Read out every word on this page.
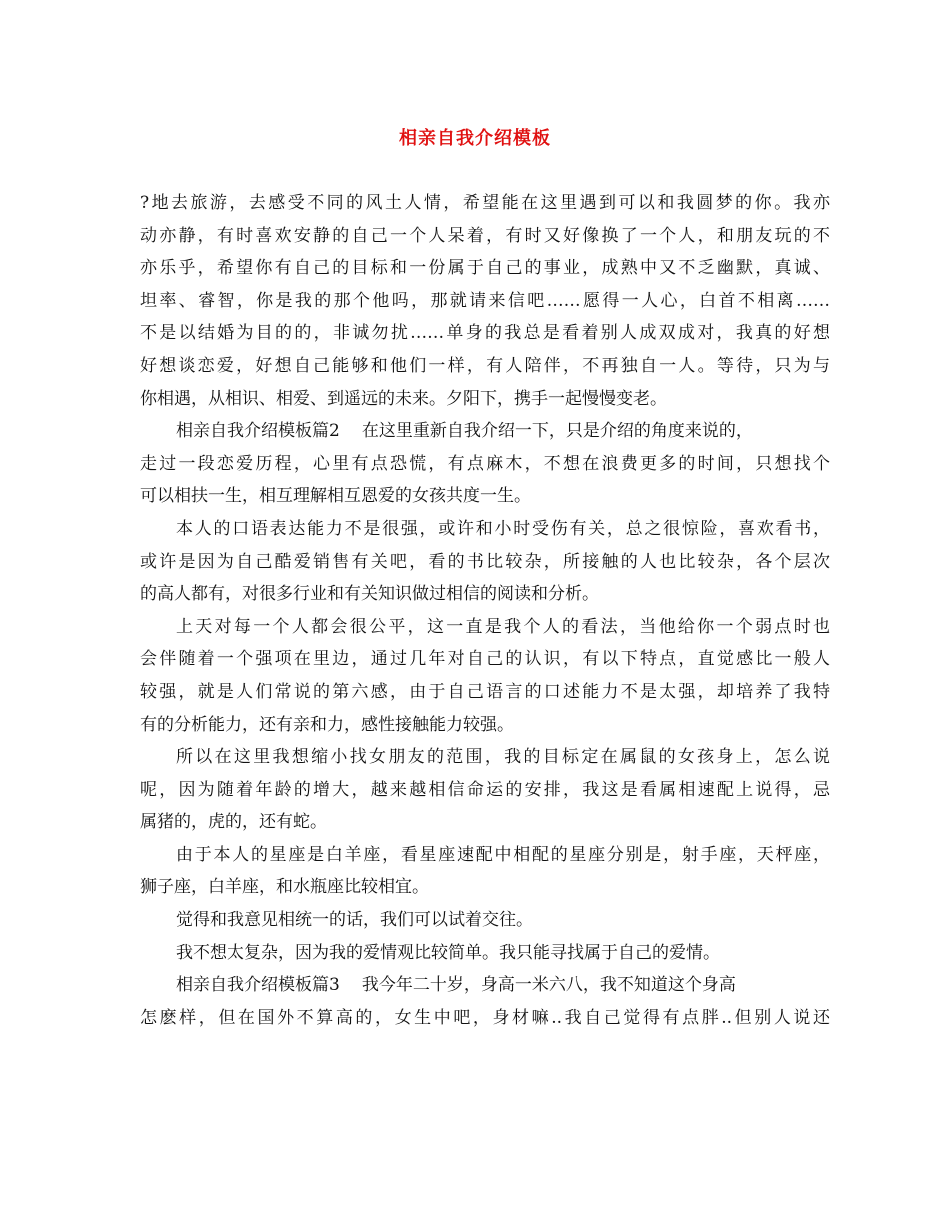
相亲自我介绍模板
?地去旅游，去感受不同的风土人情，希望能在这里遇到可以和我圆梦的你。我亦
动亦静，有时喜欢安静的自己一个人呆着，有时又好像换了一个人，和朋友玩的不
亦乐乎，希望你有自己的目标和一份属于自己的事业，成熟中又不乏幽默，真诚、
坦率、睿智，你是我的那个他吗，那就请来信吧……愿得一人心，白首不相离……
不是以结婚为目的的，非诚勿扰……单身的我总是看着别人成双成对，我真的好想
好想谈恋爱，好想自己能够和他们一样，有人陪伴，不再独自一人。等待，只为与
你相遇，从相识、相爱、到遥远的未来。夕阳下，携手一起慢慢变老。
相亲自我介绍模板篇2 在这里重新自我介绍一下，只是介绍的角度来说的，
走过一段恋爱历程，心里有点恐慌，有点麻木，不想在浪费更多的时间，只想找个
可以相扶一生，相互理解相互恩爱的女孩共度一生。
本人的口语表达能力不是很强，或许和小时受伤有关，总之很惊险，喜欢看书，
或许是因为自己酷爱销售有关吧，看的书比较杂，所接触的人也比较杂，各个层次
的高人都有，对很多行业和有关知识做过相信的阅读和分析。
上天对每一个人都会很公平，这一直是我个人的看法，当他给你一个弱点时也
会伴随着一个强项在里边，通过几年对自己的认识，有以下特点，直觉感比一般人
较强，就是人们常说的第六感，由于自己语言的口述能力不是太强，却培养了我特
有的分析能力，还有亲和力，感性接触能力较强。
所以在这里我想缩小找女朋友的范围，我的目标定在属鼠的女孩身上，怎么说
呢，因为随着年龄的增大，越来越相信命运的安排，我这是看属相速配上说得，忌
属猪的，虎的，还有蛇。
由于本人的星座是白羊座，看星座速配中相配的星座分别是，射手座，天枰座，
狮子座，白羊座，和水瓶座比较相宜。
觉得和我意见相统一的话，我们可以试着交往。
我不想太复杂，因为我的爱情观比较简单。我只能寻找属于自己的爱情。
相亲自我介绍模板篇3 我今年二十岁，身高一米六八，我不知道这个身高
怎麽样，但在国外不算高的，女生中吧，身材嘛..我自己觉得有点胖..但别人说还
